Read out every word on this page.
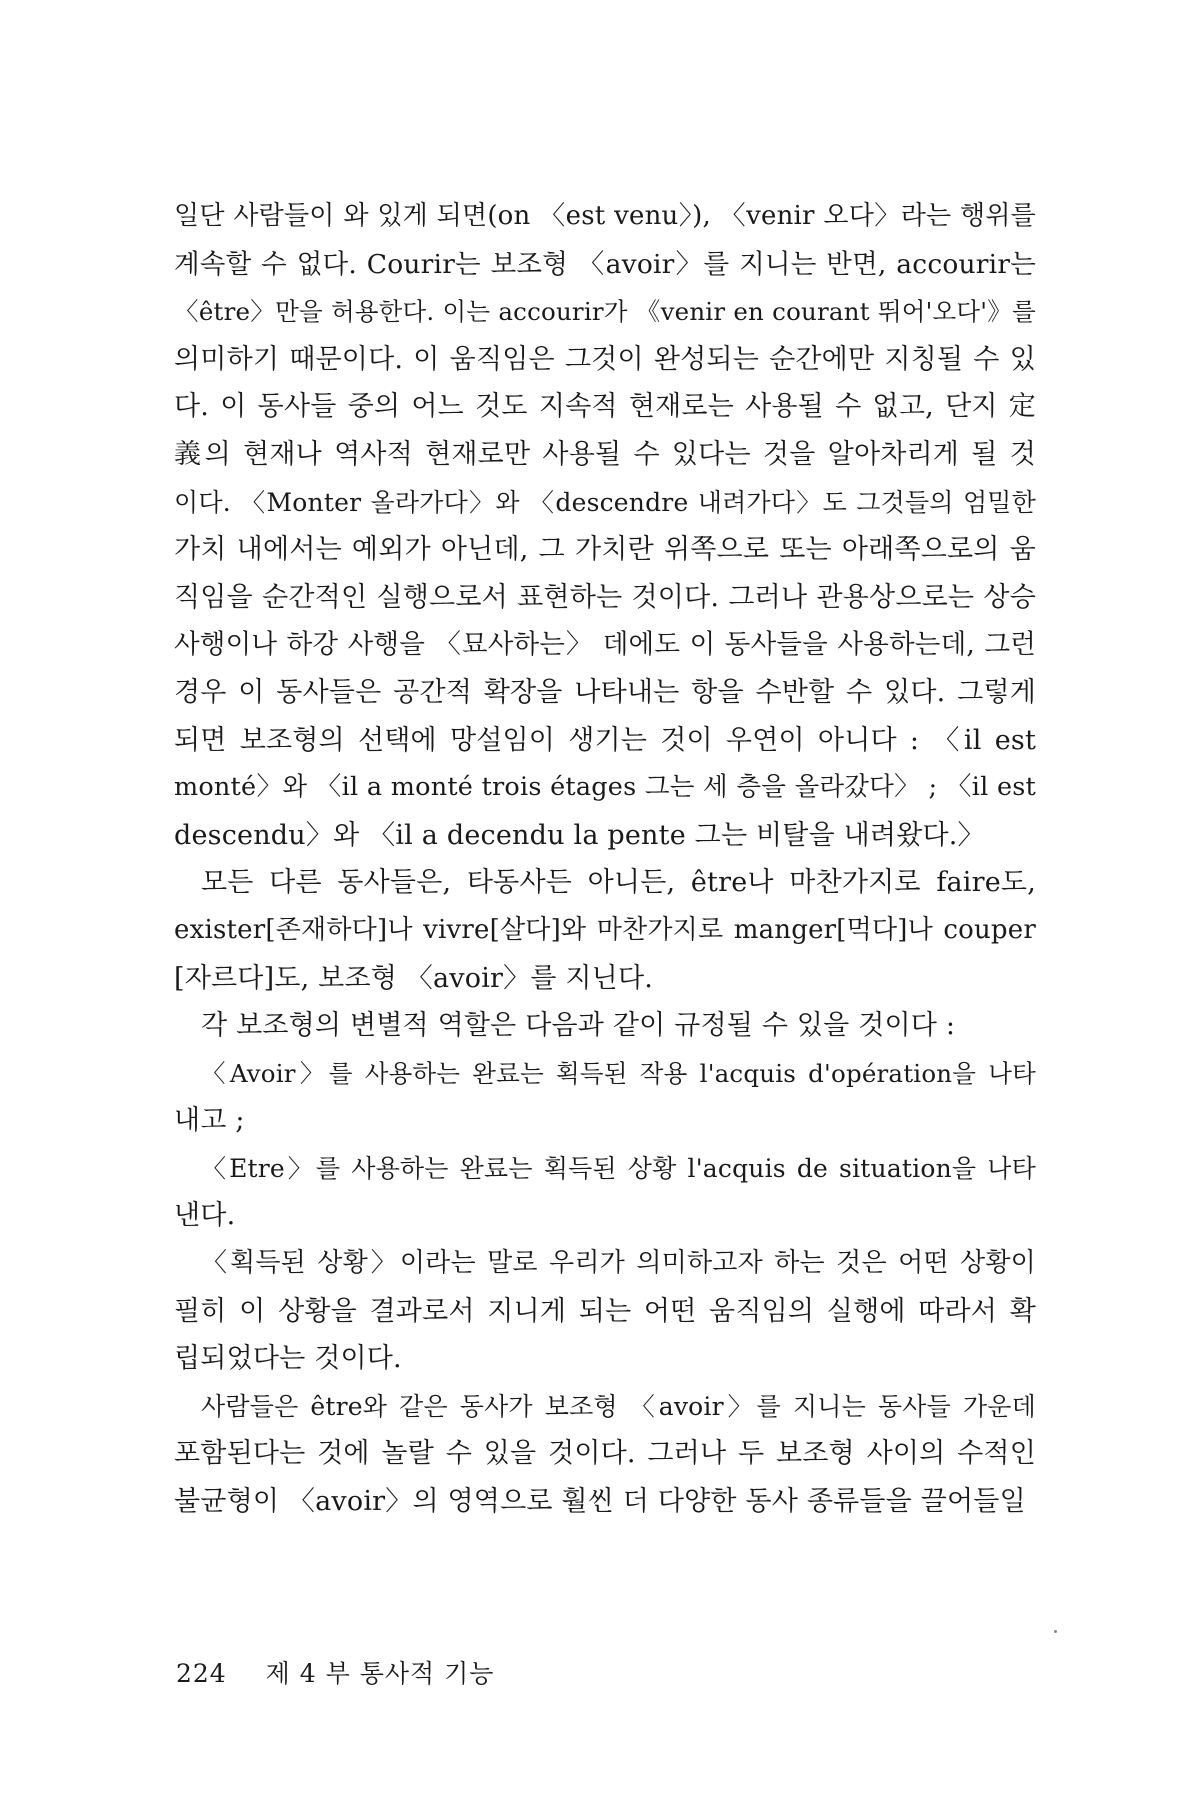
일단 사람들이 와 있게 되면(on 〈est venu〉), 〈venir 오다〉라는 행위를
계속할 수 없다. Courir는 보조형 〈avoir〉를 지니는 반면, accourir는
〈être〉만을 허용한다. 이는 accourir가 《venir en courant 뛰어'오다'》를
의미하기 때문이다. 이 움직임은 그것이 완성되는 순간에만 지칭될 수 있
다. 이 동사들 중의 어느 것도 지속적 현재로는 사용될 수 없고, 단지 定
義의 현재나 역사적 현재로만 사용될 수 있다는 것을 알아차리게 될 것
이다. 〈Monter 올라가다〉와 〈descendre 내려가다〉도 그것들의 엄밀한
가치 내에서는 예외가 아닌데, 그 가치란 위쪽으로 또는 아래쪽으로의 움
직임을 순간적인 실행으로서 표현하는 것이다. 그러나 관용상으로는 상승
사행이나 하강 사행을 〈묘사하는〉 데에도 이 동사들을 사용하는데, 그런
경우 이 동사들은 공간적 확장을 나타내는 항을 수반할 수 있다. 그렇게
되면 보조형의 선택에 망설임이 생기는 것이 우연이 아니다 : 〈il est
monté〉와 〈il a monté trois étages 그는 세 층을 올라갔다〉 ; 〈il est
descendu〉와 〈il a decendu la pente 그는 비탈을 내려왔다.〉

모든 다른 동사들은, 타동사든 아니든, être나 마찬가지로 faire도,
exister[존재하다]나 vivre[살다]와 마찬가지로 manger[먹다]나 couper
[자르다]도, 보조형 〈avoir〉를 지닌다.

각 보조형의 변별적 역할은 다음과 같이 규정될 수 있을 것이다 :

〈Avoir〉를 사용하는 완료는 획득된 작용 l'acquis d'opération을 나타
내고 ;

〈Etre〉를 사용하는 완료는 획득된 상황 l'acquis de situation을 나타
낸다.

〈획득된 상황〉이라는 말로 우리가 의미하고자 하는 것은 어떤 상황이
필히 이 상황을 결과로서 지니게 되는 어떤 움직임의 실행에 따라서 확
립되었다는 것이다.

사람들은 être와 같은 동사가 보조형 〈avoir〉를 지니는 동사들 가운데
포함된다는 것에 놀랄 수 있을 것이다. 그러나 두 보조형 사이의 수적인
불균형이 〈avoir〉의 영역으로 훨씬 더 다양한 동사 종류들을 끌어들일

224 제 4 부 통사적 기능
